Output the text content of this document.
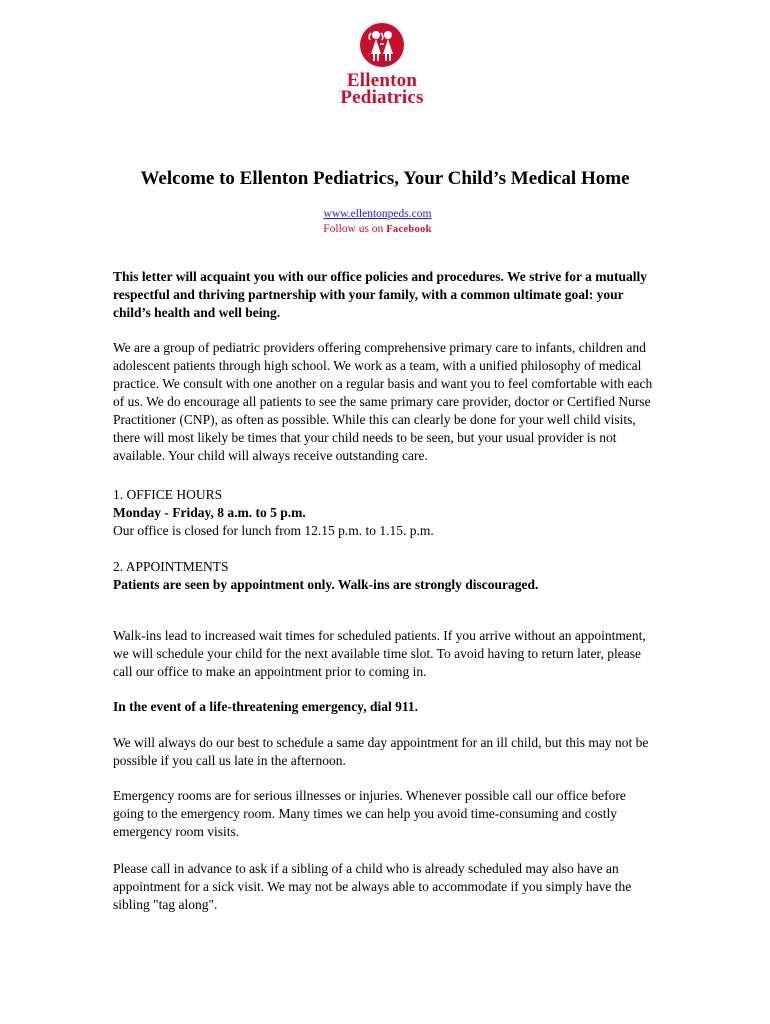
Ellenton
Pediatrics
Welcome to Ellenton Pediatrics, Your Child’s Medical Home
www.ellentonpeds.com
Follow us on Facebook

This letter will acquaint you with our office policies and procedures. We strive for a mutually respectful and thriving partnership with your family, with a common ultimate goal: your child’s health and well being.

We are a group of pediatric providers offering comprehensive primary care to infants, children and adolescent patients through high school. We work as a team, with a unified philosophy of medical practice. We consult with one another on a regular basis and want you to feel comfortable with each of us. We do encourage all patients to see the same primary care provider, doctor or Certified Nurse Practitioner (CNP), as often as possible. While this can clearly be done for your well child visits, there will most likely be times that your child needs to be seen, but your usual provider is not available. Your child will always receive outstanding care.

1. OFFICE HOURS

Monday - Friday, 8 a.m. to 5 p.m.

Our office is closed for lunch from 12.15 p.m. to 1.15. p.m.

2. APPOINTMENTS

Patients are seen by appointment only. Walk-ins are strongly discouraged.

Walk-ins lead to increased wait times for scheduled patients. If you arrive without an appointment, we will schedule your child for the next available time slot. To avoid having to return later, please call our office to make an appointment prior to coming in.

In the event of a life-threatening emergency, dial 911.

We will always do our best to schedule a same day appointment for an ill child, but this may not be possible if you call us late in the afternoon.

Emergency rooms are for serious illnesses or injuries. Whenever possible call our office before going to the emergency room. Many times we can help you avoid time-consuming and costly emergency room visits.

Please call in advance to ask if a sibling of a child who is already scheduled may also have an appointment for a sick visit. We may not be always able to accommodate if you simply have the sibling "tag along".
